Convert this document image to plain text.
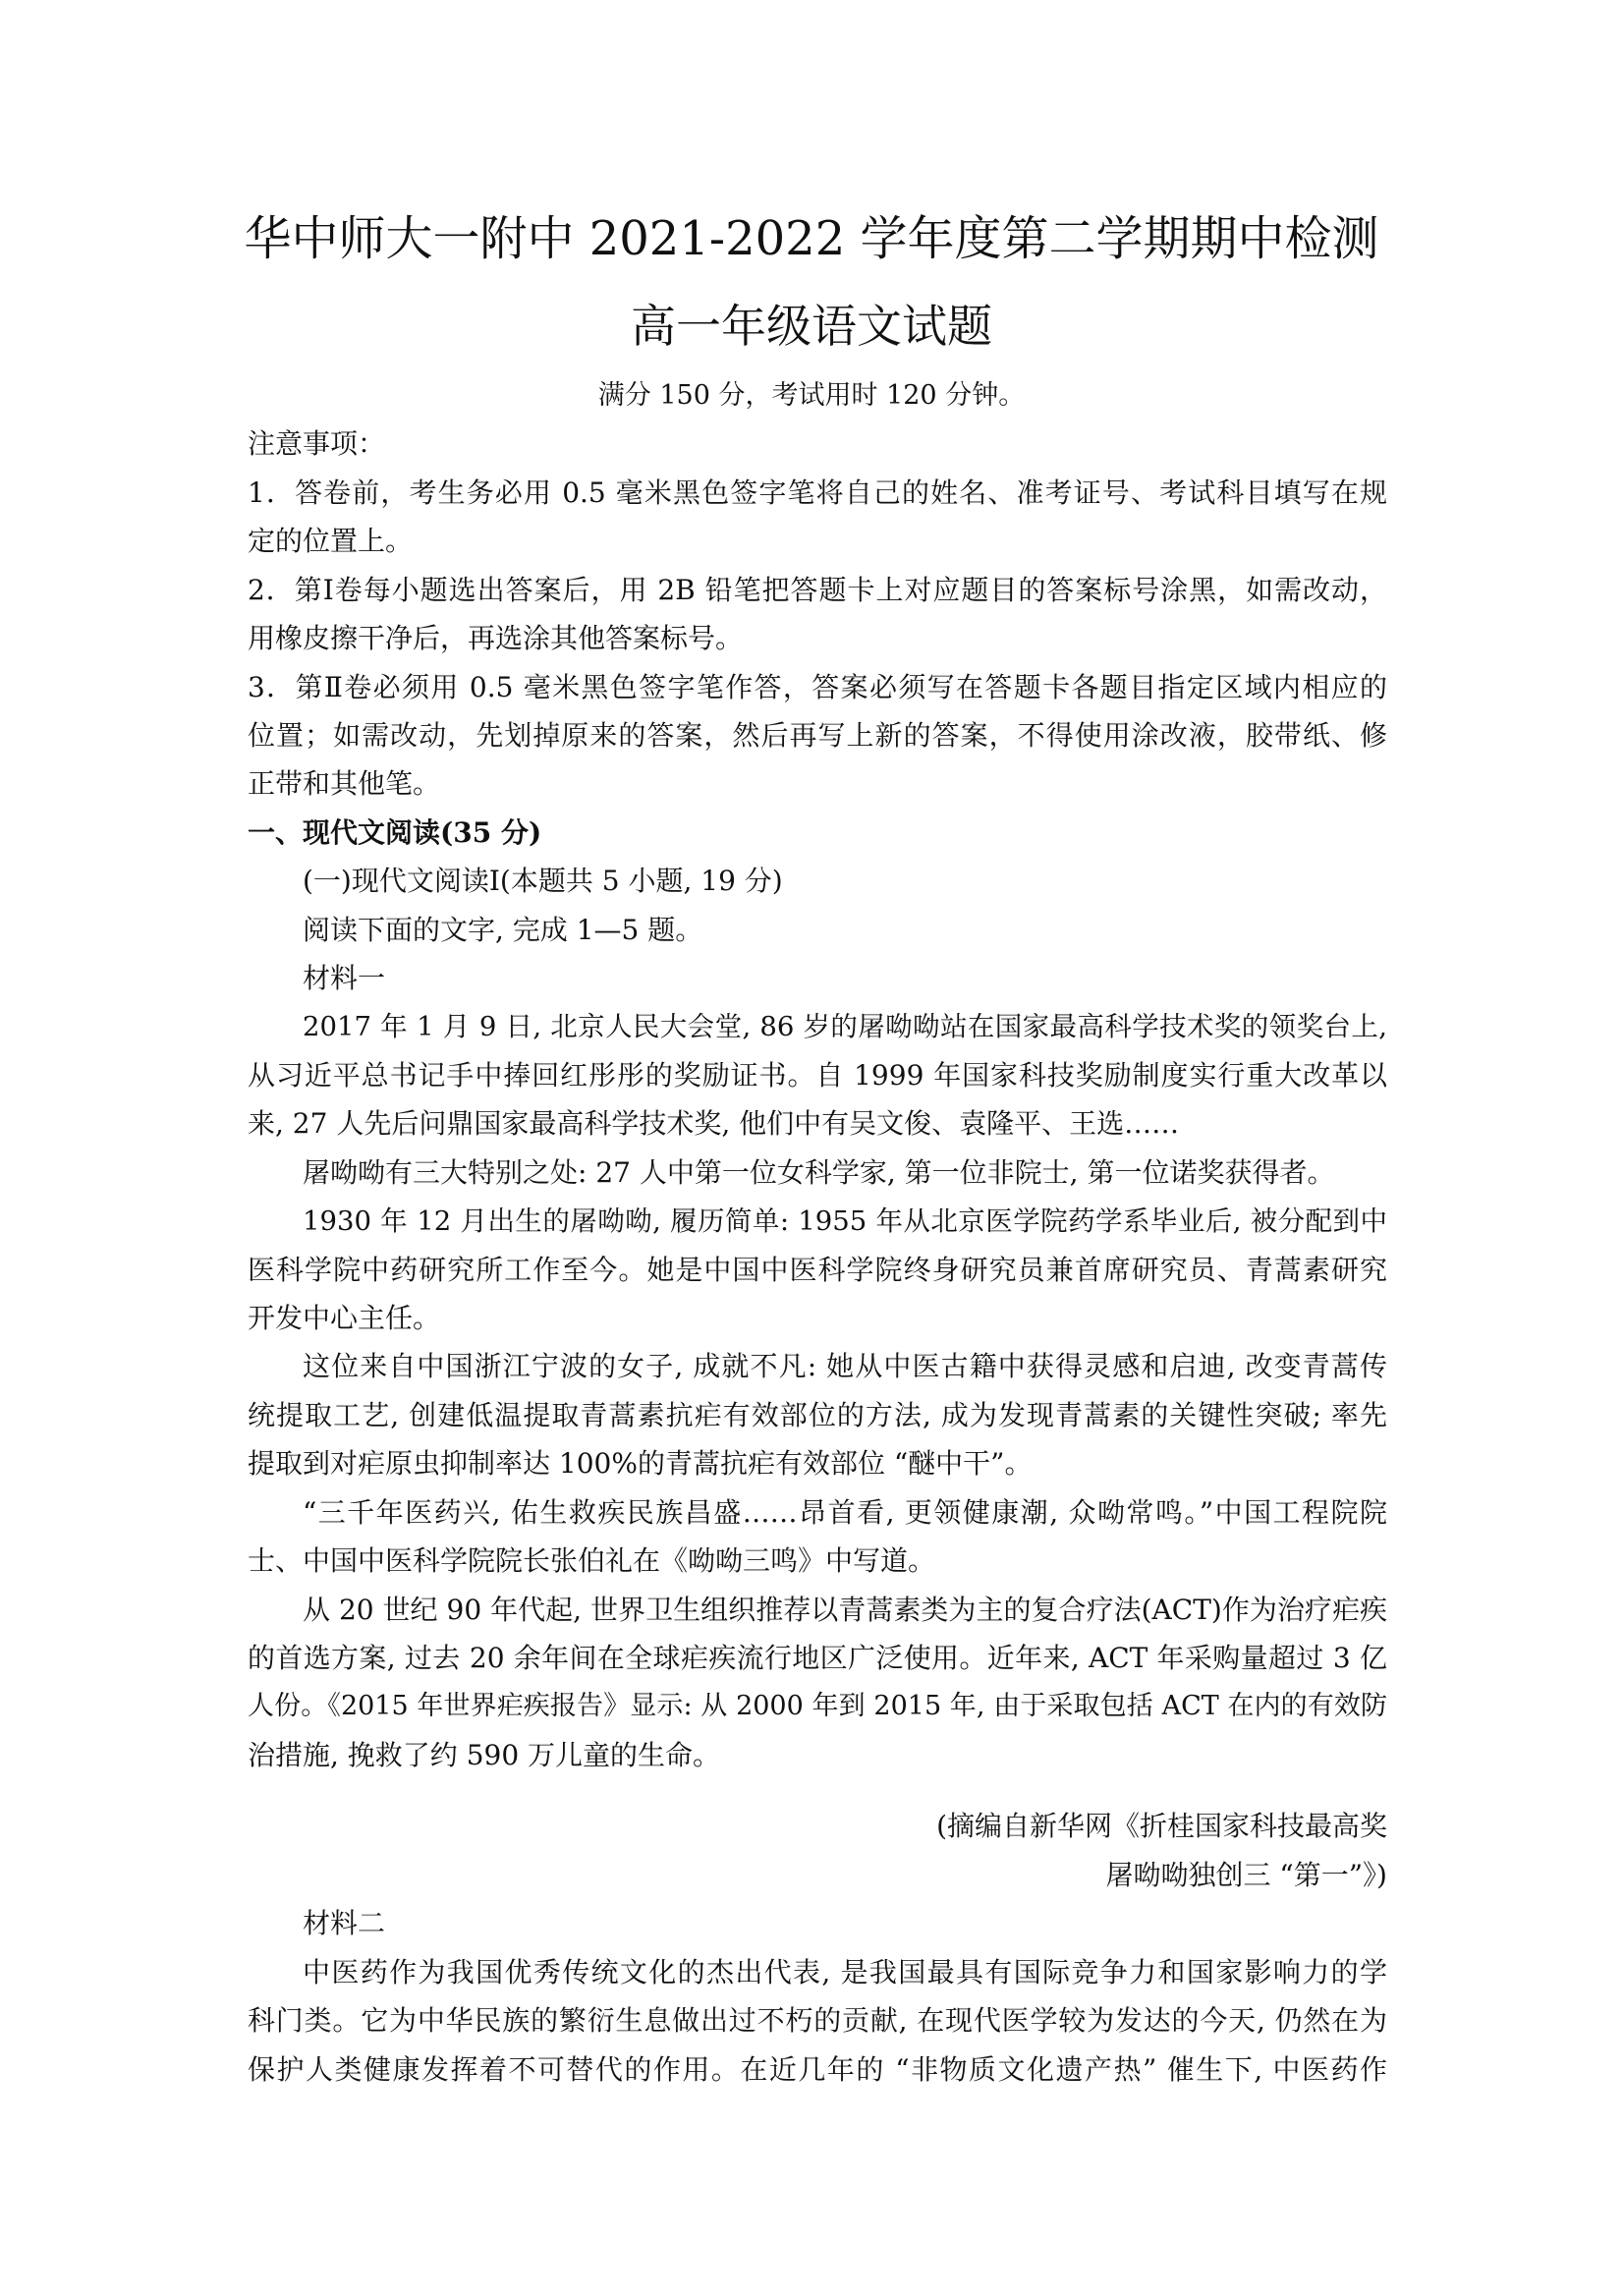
华中师大一附中 2021-2022 学年度第二学期期中检测
高一年级语文试题
满分 150 分，考试用时 120 分钟。
注意事项：
1．答卷前，考生务必用 0.5 毫米黑色签字笔将自己的姓名、准考证号、考试科目填写在规
定的位置上。
2．第Ⅰ卷每小题选出答案后，用 2B 铅笔把答题卡上对应题目的答案标号涂黑，如需改动，
用橡皮擦干净后，再选涂其他答案标号。
3．第Ⅱ卷必须用 0.5 毫米黑色签字笔作答，答案必须写在答题卡各题目指定区域内相应的
位置；如需改动，先划掉原来的答案，然后再写上新的答案，不得使用涂改液，胶带纸、修
正带和其他笔。
一、现代文阅读(35 分)
(一)现代文阅读Ⅰ(本题共 5 小题, 19 分)
阅读下面的文字, 完成 1—5 题。
材料一
2017 年 1 月 9 日, 北京人民大会堂, 86 岁的屠呦呦站在国家最高科学技术奖的领奖台上,
从习近平总书记手中捧回红彤彤的奖励证书。自 1999 年国家科技奖励制度实行重大改革以
来, 27 人先后问鼎国家最高科学技术奖, 他们中有吴文俊、袁隆平、王选……
屠呦呦有三大特别之处: 27 人中第一位女科学家, 第一位非院士, 第一位诺奖获得者。
1930 年 12 月出生的屠呦呦, 履历简单: 1955 年从北京医学院药学系毕业后, 被分配到中
医科学院中药研究所工作至今。她是中国中医科学院终身研究员兼首席研究员、青蒿素研究
开发中心主任。
这位来自中国浙江宁波的女子, 成就不凡: 她从中医古籍中获得灵感和启迪, 改变青蒿传
统提取工艺, 创建低温提取青蒿素抗疟有效部位的方法, 成为发现青蒿素的关键性突破; 率先
提取到对疟原虫抑制率达 100%的青蒿抗疟有效部位 “醚中干”。
“三千年医药兴, 佑生救疾民族昌盛……昂首看, 更领健康潮, 众呦常鸣。”中国工程院院
士、中国中医科学院院长张伯礼在《呦呦三鸣》中写道。
从 20 世纪 90 年代起, 世界卫生组织推荐以青蒿素类为主的复合疗法(ACT)作为治疗疟疾
的首选方案, 过去 20 余年间在全球疟疾流行地区广泛使用。近年来, ACT 年采购量超过 3 亿
人份。《2015 年世界疟疾报告》显示: 从 2000 年到 2015 年, 由于采取包括 ACT 在内的有效防
治措施, 挽救了约 590 万儿童的生命。
(摘编自新华网《折桂国家科技最高奖
屠呦呦独创三 “第一”》)
材料二
中医药作为我国优秀传统文化的杰出代表, 是我国最具有国际竞争力和国家影响力的学
科门类。它为中华民族的繁衍生息做出过不朽的贡献, 在现代医学较为发达的今天, 仍然在为
保护人类健康发挥着不可替代的作用。在近几年的 “非物质文化遗产热” 催生下, 中医药作
